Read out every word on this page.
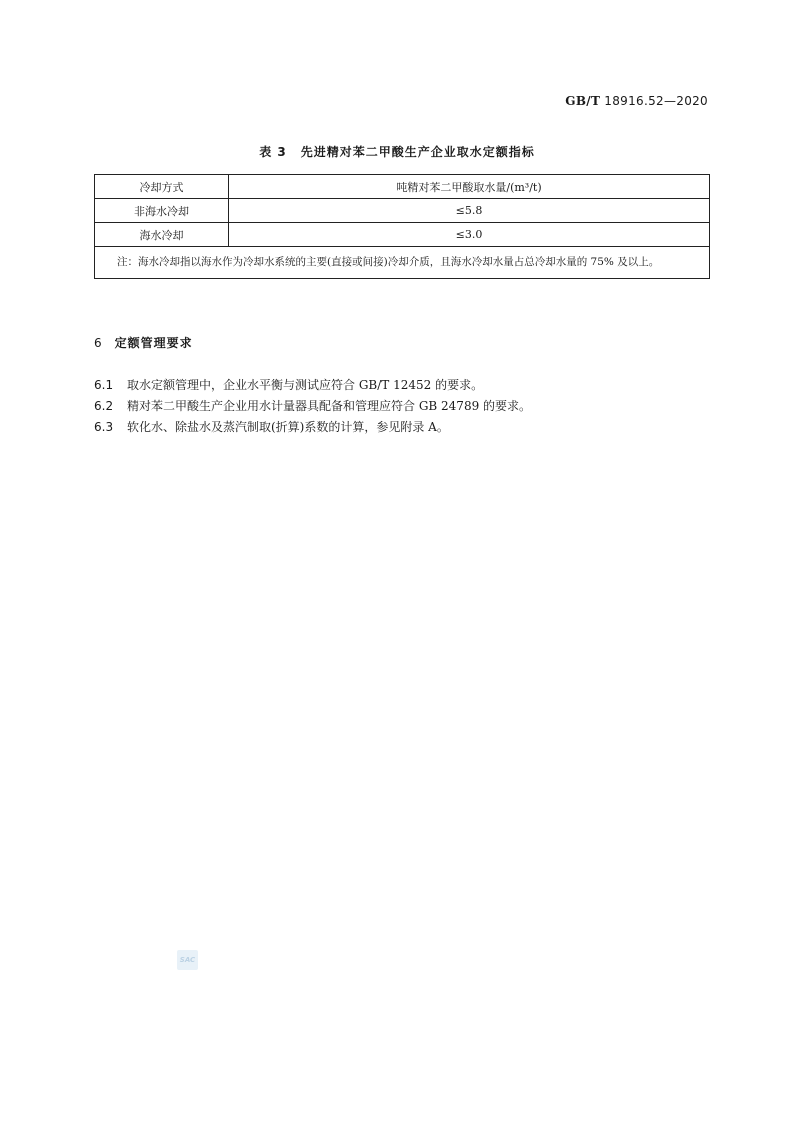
GB/T 18916.52—2020
表 3 先进精对苯二甲酸生产企业取水定额指标
冷却方式	吨精对苯二甲酸取水量/(m³/t)
非海水冷却	≤5.8
海水冷却	≤3.0

注：海水冷却指以海水作为冷却水系统的主要(直接或间接)冷却介质，且海水冷却水量占总冷却水量的 75% 及以上。	
6 定额管理要求
6.1 取水定额管理中，企业水平衡与测试应符合 GB/T 12452 的要求。
6.2 精对苯二甲酸生产企业用水计量器具配备和管理应符合 GB 24789 的要求。
6.3 软化水、除盐水及蒸汽制取(折算)系数的计算，参见附录 A。
SAC
